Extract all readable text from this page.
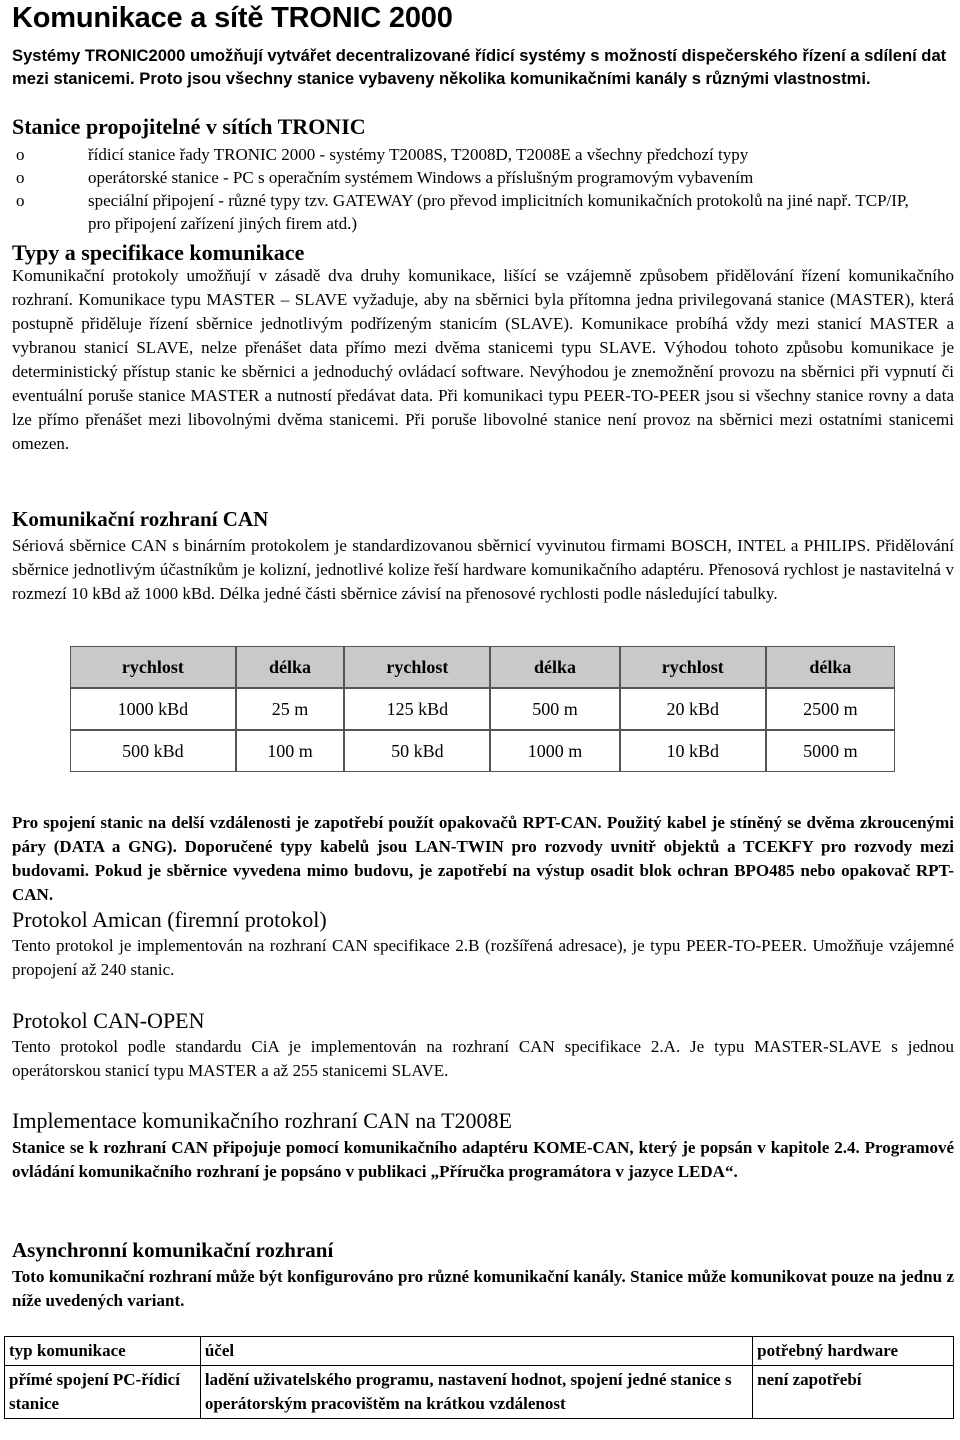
Komunikace a sítě TRONIC 2000

Systémy TRONIC2000 umožňují vytvářet decentralizované řídicí systémy s možností dispečerského řízení a sdílení dat mezi stanicemi. Proto jsou všechny stanice vybaveny několika komunikačními kanály s různými vlastnostmi.

Stanice propojitelné v sítích TRONIC
o	řídicí stanice řady TRONIC 2000 - systémy T2008S, T2008D, T2008E a všechny předchozí typy
o	operátorské stanice - PC s operačním systémem Windows a příslušným programovým vybavením
o	speciální připojení - různé typy tzv. GATEWAY (pro převod implicitních komunikačních protokolů na jiné např. TCP/IP, pro připojení zařízení jiných firem atd.)
Typy a specifikace komunikace

Komunikační protokoly umožňují v zásadě dva druhy komunikace, lišící se vzájemně způsobem přidělování řízení komunikačního rozhraní. Komunikace typu MASTER – SLAVE vyžaduje, aby na sběrnici byla přítomna jedna privilegovaná stanice (MASTER), která postupně přiděluje řízení sběrnice jednotlivým podřízeným stanicím (SLAVE). Komunikace probíhá vždy mezi stanicí MASTER a vybranou stanicí SLAVE, nelze přenášet data přímo mezi dvěma stanicemi typu SLAVE. Výhodou tohoto způsobu komunikace je deterministický přístup stanic ke sběrnici a jednoduchý ovládací software. Nevýhodou je znemožnění provozu na sběrnici při vypnutí či eventuální poruše stanice MASTER a nutností předávat data. Při komunikaci typu PEER-TO-PEER jsou si všechny stanice rovny a data lze přímo přenášet mezi libovolnými dvěma stanicemi. Při poruše libovolné stanice není provoz na sběrnici mezi ostatními stanicemi omezen.

Komunikační rozhraní CAN

Sériová sběrnice CAN s binárním protokolem je standardizovanou sběrnicí vyvinutou firmami BOSCH, INTEL a PHILIPS. Přidělování sběrnice jednotlivým účastníkům je kolizní, jednotlivé kolize řeší hardware komunikačního adaptéru. Přenosová rychlost je nastavitelná v rozmezí 10 kBd až 1000 kBd. Délka jedné části sběrnice závisí na přenosové rychlosti podle následující tabulky.

rychlost	délka	rychlost	délka	rychlost	délka
1000 kBd	25 m	125 kBd	500 m	20 kBd	2500 m
500 kBd	100 m	50 kBd	1000 m	10 kBd	5000 m

Pro spojení stanic na delší vzdálenosti je zapotřebí použít opakovačů RPT-CAN. Použitý kabel je stíněný se dvěma zkroucenými páry (DATA a GNG). Doporučené typy kabelů jsou LAN-TWIN pro rozvody uvnitř objektů a TCEKFY pro rozvody mezi budovami. Pokud je sběrnice vyvedena mimo budovu, je zapotřebí na výstup osadit blok ochran BPO485 nebo opakovač RPT-CAN.

Protokol Amican (firemní protokol)

Tento protokol je implementován na rozhraní CAN specifikace 2.B (rozšířená adresace), je typu PEER-TO-PEER. Umožňuje vzájemné propojení až 240 stanic.

Protokol CAN-OPEN

Tento protokol podle standardu CiA je implementován na rozhraní CAN specifikace 2.A. Je typu MASTER-SLAVE s jednou operátorskou stanicí typu MASTER a až 255 stanicemi SLAVE.

Implementace komunikačního rozhraní CAN na T2008E

Stanice se k rozhraní CAN připojuje pomocí komunikačního adaptéru KOME-CAN, který je popsán v kapitole 2.4. Programové ovládání komunikačního rozhraní je popsáno v publikaci „Příručka programátora v jazyce LEDA“.

Asynchronní komunikační rozhraní

Toto komunikační rozhraní může být konfigurováno pro různé komunikační kanály. Stanice může komunikovat pouze na jednu z níže uvedených variant.

typ komunikace	účel	potřebný hardware
přímé spojení PC-řídicí stanice	ladění uživatelského programu, nastavení hodnot, spojení jedné stanice s operátorským pracovištěm na krátkou vzdálenost	není zapotřebí
